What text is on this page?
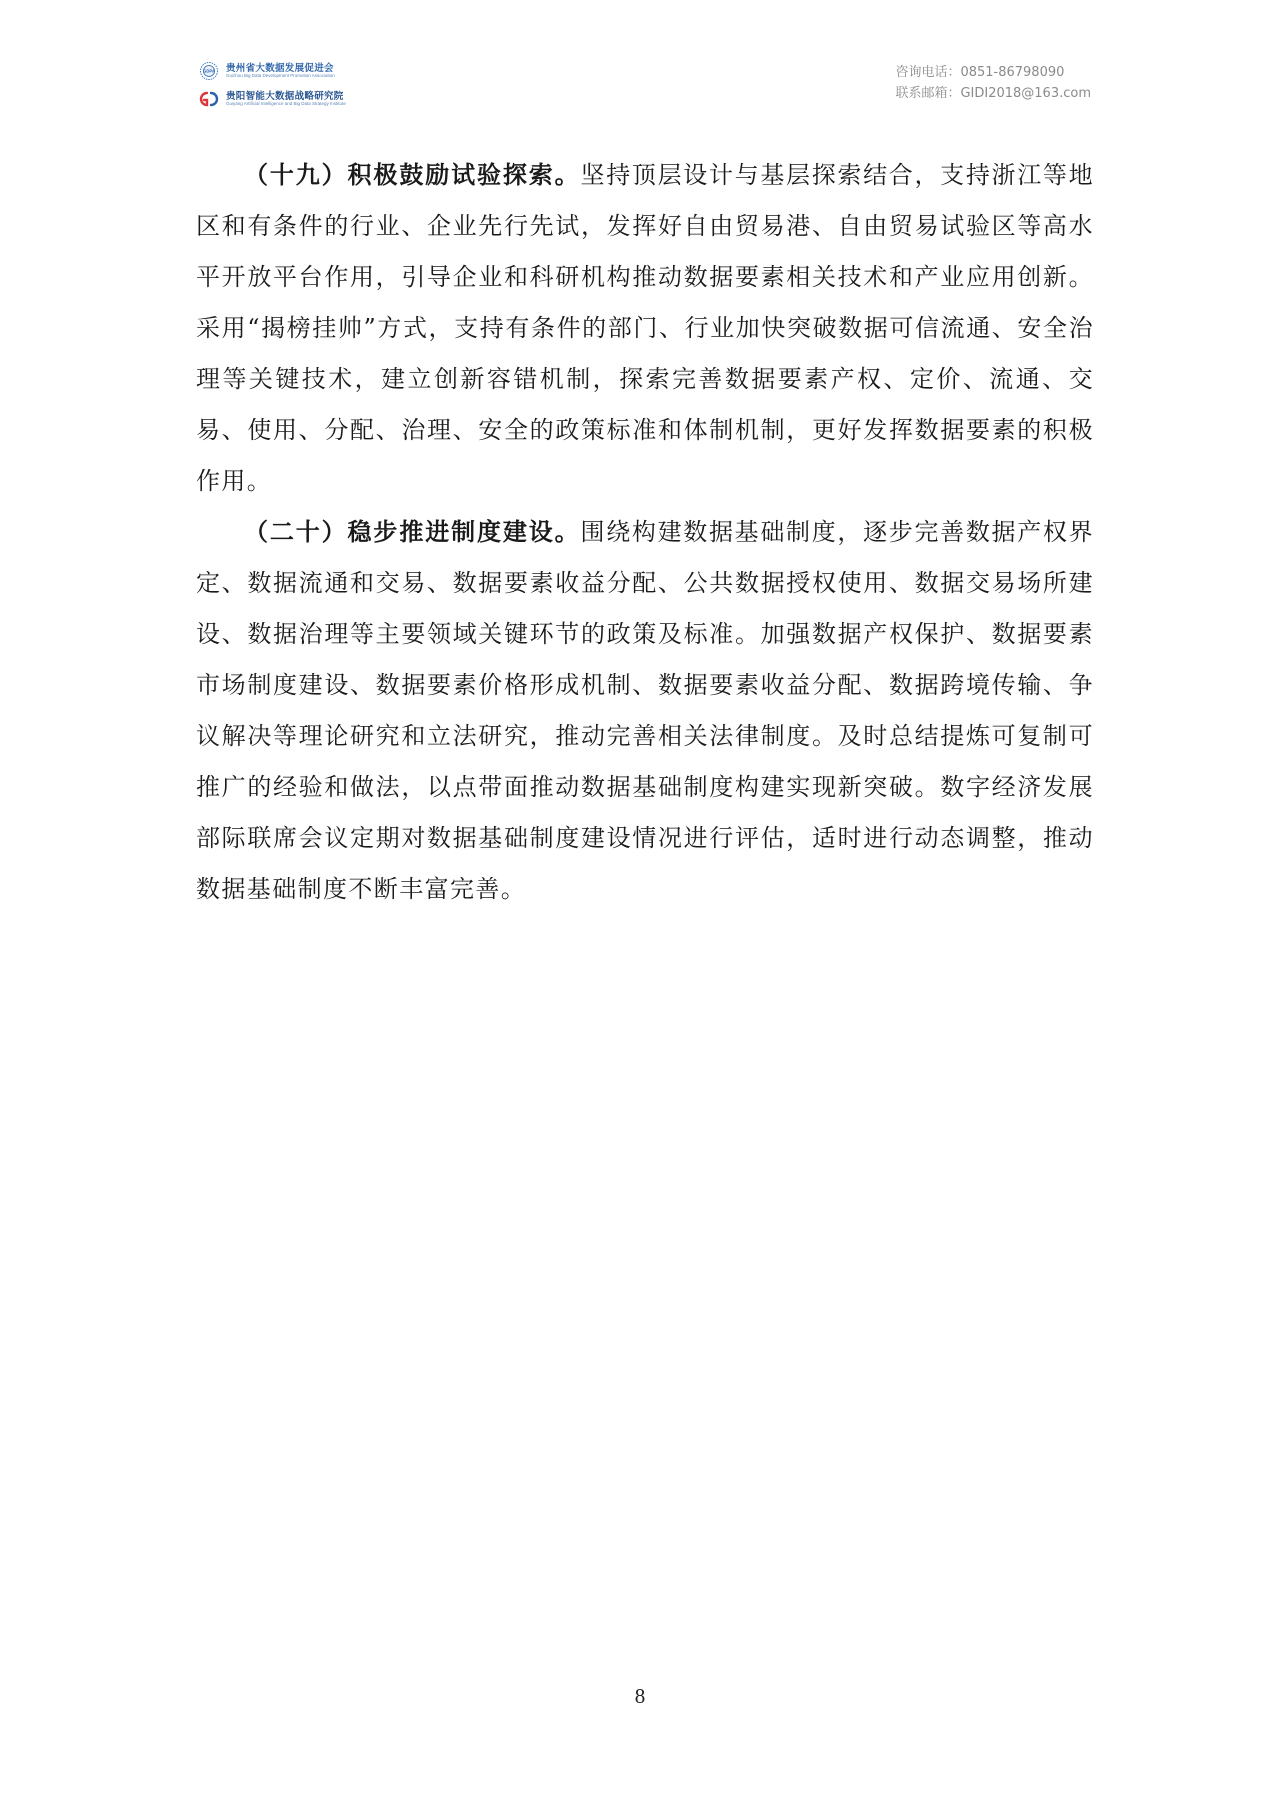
GDPA 贵州省大数据发展促进会
Guizhou Big Data Development Promotion Association
贵阳智能大数据战略研究院
Guiyang Artificial Intelligence and Big Data Strategy Institute
咨询电话：0851-86798090
联系邮箱：GIDI2018@163.com

（十九）积极鼓励试验探索。坚持顶层设计与基层探索结合，支持浙江等地区和有条件的行业、企业先行先试，发挥好自由贸易港、自由贸易试验区等高水平开放平台作用，引导企业和科研机构推动数据要素相关技术和产业应用创新。采用“揭榜挂帅”方式，支持有条件的部门、行业加快突破数据可信流通、安全治理等关键技术，建立创新容错机制，探索完善数据要素产权、定价、流通、交易、使用、分配、治理、安全的政策标准和体制机制，更好发挥数据要素的积极作用。

（二十）稳步推进制度建设。围绕构建数据基础制度，逐步完善数据产权界定、数据流通和交易、数据要素收益分配、公共数据授权使用、数据交易场所建设、数据治理等主要领域关键环节的政策及标准。加强数据产权保护、数据要素市场制度建设、数据要素价格形成机制、数据要素收益分配、数据跨境传输、争议解决等理论研究和立法研究，推动完善相关法律制度。及时总结提炼可复制可推广的经验和做法，以点带面推动数据基础制度构建实现新突破。数字经济发展部际联席会议定期对数据基础制度建设情况进行评估，适时进行动态调整，推动数据基础制度不断丰富完善。

8
